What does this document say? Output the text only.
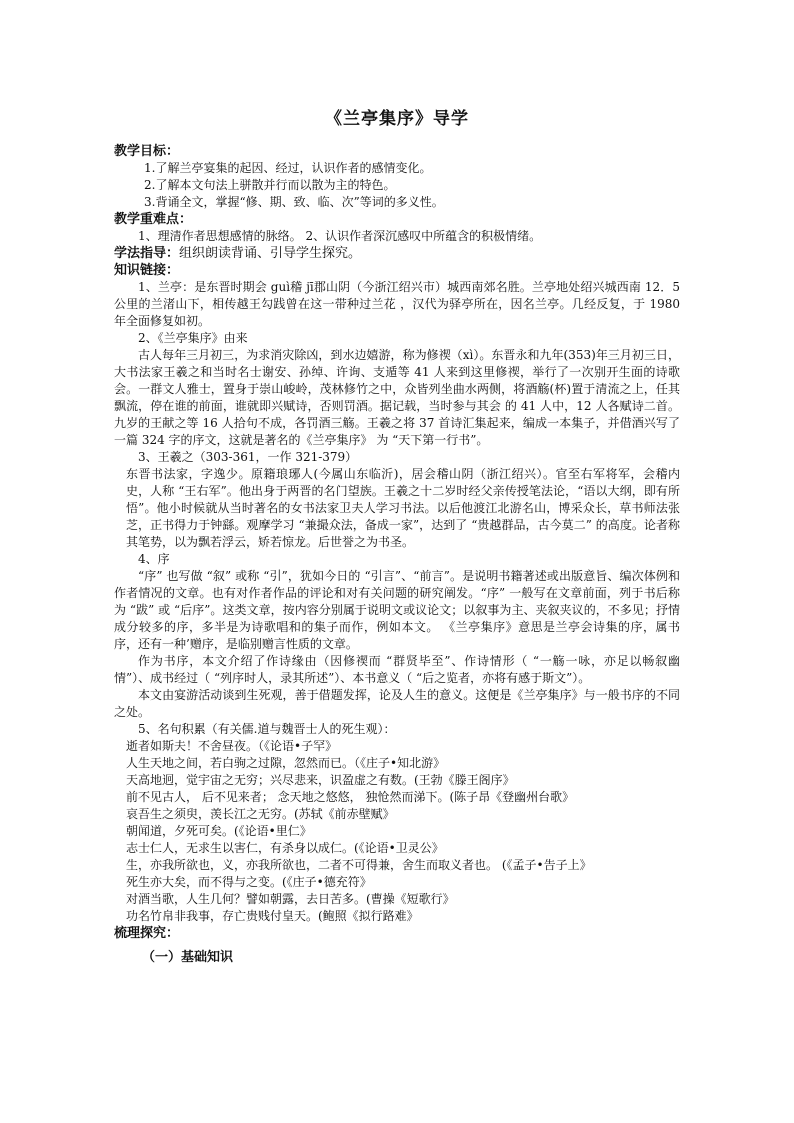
《兰亭集序》导学
教学目标：

1.了解兰亭宴集的起因、经过，认识作者的感情变化。

2.了解本文句法上骈散并行而以散为主的特色。

3.背诵全文，掌握“修、期、致、临、次”等词的多义性。

教学重难点：

1、理清作者思想感情的脉络。 2、认识作者深沉感叹中所蕴含的积极情绪。

学法指导：组织朗读背诵、引导学生探究。
知识链接：

1、兰亭：是东晋时期会 guì稽 jī郡山阴（今浙江绍兴市）城西南郊名胜。兰亭地处绍兴城西南 12．5 公里的兰渚山下，相传越王勾践曾在这一带种过兰花 ，汉代为驿亭所在，因名兰亭。几经反复，于 1980 年全面修复如初。

2、《兰亭集序》由来

古人每年三月初三，为求消灾除凶，到水边嬉游，称为修禊（xì）。东晋永和九年(353)年三月初三日，大书法家王羲之和当时名士谢安、孙绰、许询、支遁等 41 人来到这里修禊，举行了一次别开生面的诗歌会。一群文人雅士，置身于崇山峻岭，茂林修竹之中，众皆列坐曲水两侧，将酒觞(杯)置于清流之上，任其飘流，停在谁的前面，谁就即兴赋诗，否则罚酒。据记载，当时参与其会 的 41 人中，12 人各赋诗二首。九岁的王献之等 16 人拾句不成，各罚酒三觞。王羲之将 37 首诗汇集起来，编成一本集子，并借酒兴写了一篇 324 字的序文，这就是著名的《兰亭集序》 为 “天下第一行书”。

3、王羲之（303-361，一作 321-379）

东晋书法家，字逸少。原籍琅琊人(今属山东临沂)，居会稽山阴（浙江绍兴）。官至右军将军，会稽内史，人称 “王右军”。他出身于两晋的名门望族。王羲之十二岁时经父亲传授笔法论，“语以大纲，即有所悟”。他小时候就从当时著名的女书法家卫夫人学习书法。以后他渡江北游名山，博采众长，草书师法张芝，正书得力于钟繇。观摩学习 “兼撮众法，备成一家”，达到了 “贵越群品，古今莫二” 的高度。论者称其笔势，以为飘若浮云，矫若惊龙。后世誉之为书圣。

4、序

“序” 也写做 “叙” 或称 “引”，犹如今日的 “引言”、“前言”。是说明书籍著述或出版意旨、编次体例和作者情况的文章。也有对作者作品的评论和对有关问题的研究阐发。“序” 一般写在文章前面，列于书后称为 “跋” 或 “后序”。这类文章，按内容分别属于说明文或议论文；以叙事为主、夹叙夹议的，不多见；抒情成分较多的序，多半是为诗歌唱和的集子而作，例如本文。 《兰亭集序》意思是兰亭会诗集的序，属书序，还有一种’赠序，是临别赠言性质的文章。

作为书序，本文介绍了作诗缘由（因修禊而 “群贤毕至”、作诗情形（ “一觞一咏，亦足以畅叙幽情”）、成书经过（ “列序时人，录其所述”）、本书意义（ “后之览者，亦将有感于斯文”）。

本文由宴游活动谈到生死观，善于借题发挥，论及人生的意义。这便是《兰亭集序》与一般书序的不同之处。

5、名句积累（有关儒.道与魏晋士人的死生观）：

逝者如斯夫！不舍昼夜。（《论语•子罕》

人生天地之间，若白驹之过隙，忽然而已。（《庄子•知北游》

天高地迥，觉宇宙之无穷；兴尽悲来，识盈虚之有数。(王勃《滕王阁序》

前不见古人， 后不见来者； 念天地之悠悠， 独怆然而涕下。(陈子昂《登幽州台歌》

哀吾生之须臾，羡长江之无穷。(苏轼《前赤壁赋》

朝闻道，夕死可矣。(《论语•里仁》

志士仁人，无求生以害仁，有杀身以成仁。(《论语•卫灵公》

生，亦我所欲也，义，亦我所欲也，二者不可得兼，舍生而取义者也。 (《孟子•告子上》

死生亦大矣，而不得与之变。(《庄子•德充符》

对酒当歌，人生几何？譬如朝露，去日苦多。(曹操《短歌行》

功名竹帛非我事，存亡贵贱付皇天。(鲍照《拟行路难》

梳理探究：
（一）基础知识
